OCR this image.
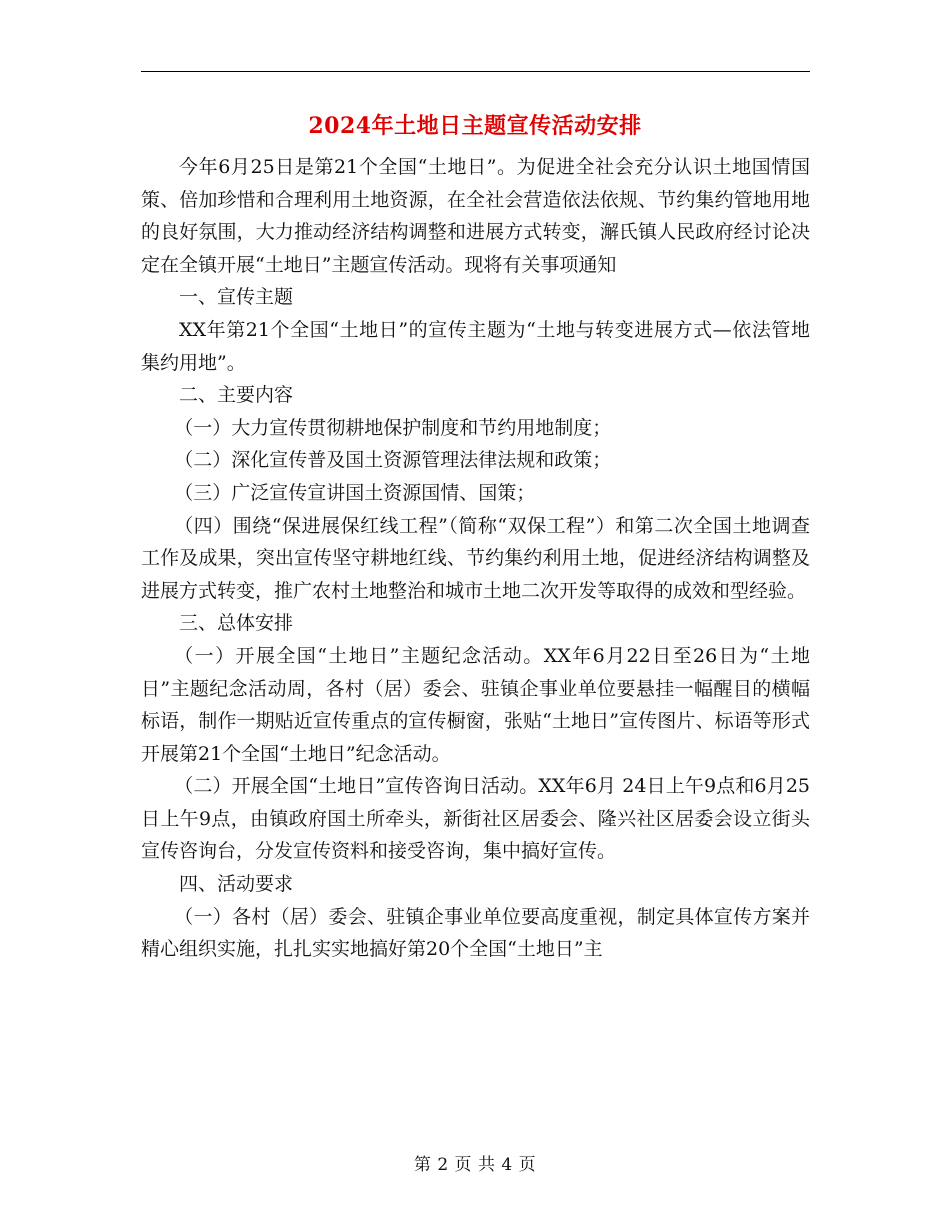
2024年土地日主题宣传活动安排

今年6月25日是第21个全国“土地日”。为促进全社会充分认识土地国情国策、倍加珍惜和合理利用土地资源，在全社会营造依法依规、节约集约管地用地的良好氛围，大力推动经济结构调整和进展方式转变，澥氏镇人民政府经讨论决定在全镇开展“土地日”主题宣传活动。现将有关事项通知

一、宣传主题

XX年第21个全国“土地日”的宣传主题为“土地与转变进展方式—依法管地集约用地”。

二、主要内容

（一）大力宣传贯彻耕地保护制度和节约用地制度；

（二）深化宣传普及国土资源管理法律法规和政策；

（三）广泛宣传宣讲国土资源国情、国策；

（四）围绕“保进展保红线工程”（简称“双保工程”）和第二次全国土地调查工作及成果，突出宣传坚守耕地红线、节约集约利用土地，促进经济结构调整及进展方式转变，推广农村土地整治和城市土地二次开发等取得的成效和型经验。

三、总体安排

（一）开展全国“土地日”主题纪念活动。XX年6月22日至26日为“土地日”主题纪念活动周，各村（居）委会、驻镇企事业单位要悬挂一幅醒目的横幅标语，制作一期贴近宣传重点的宣传橱窗，张贴“土地日”宣传图片、标语等形式开展第21个全国“土地日”纪念活动。

（二）开展全国“土地日”宣传咨询日活动。XX年6月 24日上午9点和6月25日上午9点，由镇政府国土所牵头，新街社区居委会、隆兴社区居委会设立街头宣传咨询台，分发宣传资料和接受咨询，集中搞好宣传。

四、活动要求

（一）各村（居）委会、驻镇企事业单位要高度重视，制定具体宣传方案并精心组织实施，扎扎实实地搞好第20个全国“土地日”主

第 2 页 共 4 页
